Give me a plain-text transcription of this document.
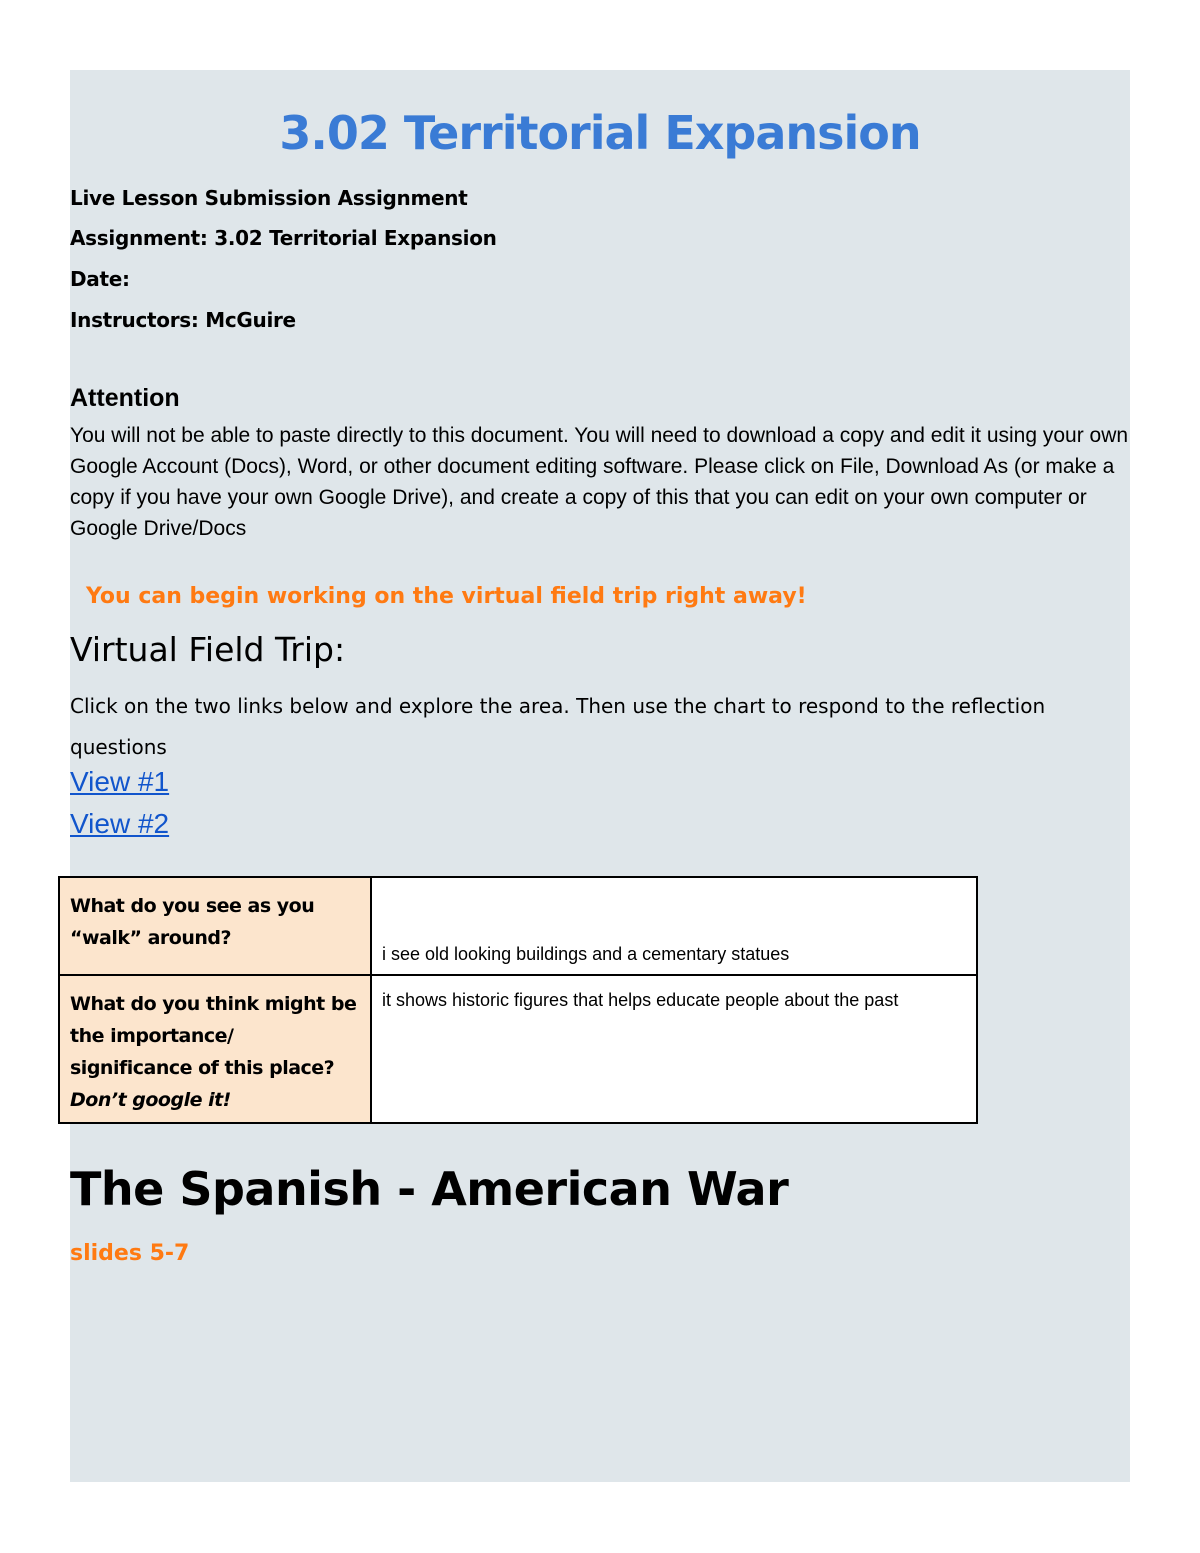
3.02 Territorial Expansion

Live Lesson Submission Assignment

Assignment: 3.02 Territorial Expansion

Date:

Instructors: McGuire

Attention

You will not be able to paste directly to this document. You will need to download a copy and edit it using your own Google Account (Docs), Word, or other document editing software. Please click on File, Download As (or make a copy if you have your own Google Drive), and create a copy of this that you can edit on your own computer or Google Drive/Docs

You can begin working on the virtual field trip right away!

Virtual Field Trip:

Click on the two links below and explore the area. Then use the chart to respond to the reflection questions

View #1
View #2
What do you see as you “walk” around?	i see old looking buildings and a cementary statues
What do you think might be the importance/ significance of this place? Don’t google it!	it shows historic figures that helps educate people about the past
The Spanish - American War

slides 5-7
